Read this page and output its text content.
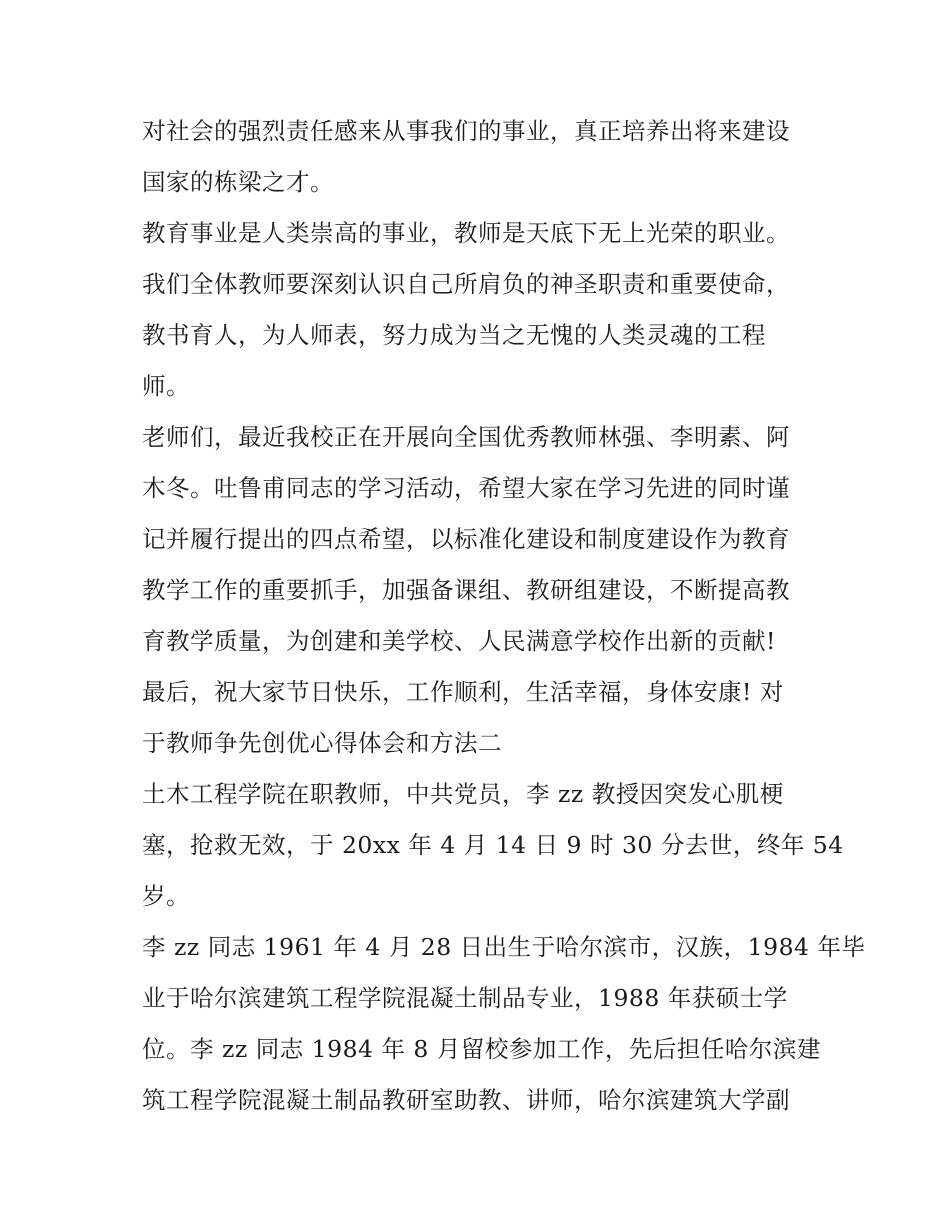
对社会的强烈责任感来从事我们的事业，真正培养出将来建设
国家的栋梁之才。
教育事业是人类崇高的事业，教师是天底下无上光荣的职业。
我们全体教师要深刻认识自己所肩负的神圣职责和重要使命，
教书育人，为人师表，努力成为当之无愧的人类灵魂的工程
师。
老师们，最近我校正在开展向全国优秀教师林强、李明素、阿
木冬。吐鲁甫同志的学习活动，希望大家在学习先进的同时谨
记并履行提出的四点希望，以标准化建设和制度建设作为教育
教学工作的重要抓手，加强备课组、教研组建设，不断提高教
育教学质量，为创建和美学校、人民满意学校作出新的贡献!
最后，祝大家节日快乐，工作顺利，生活幸福，身体安康! 对
于教师争先创优心得体会和方法二
土木工程学院在职教师，中共党员，李 zz 教授因突发心肌梗
塞，抢救无效，于 20xx 年 4 月 14 日 9 时 30 分去世，终年 54
岁。
李 zz 同志 1961 年 4 月 28 日出生于哈尔滨市，汉族，1984 年毕
业于哈尔滨建筑工程学院混凝土制品专业，1988 年获硕士学
位。李 zz 同志 1984 年 8 月留校参加工作，先后担任哈尔滨建
筑工程学院混凝土制品教研室助教、讲师，哈尔滨建筑大学副
